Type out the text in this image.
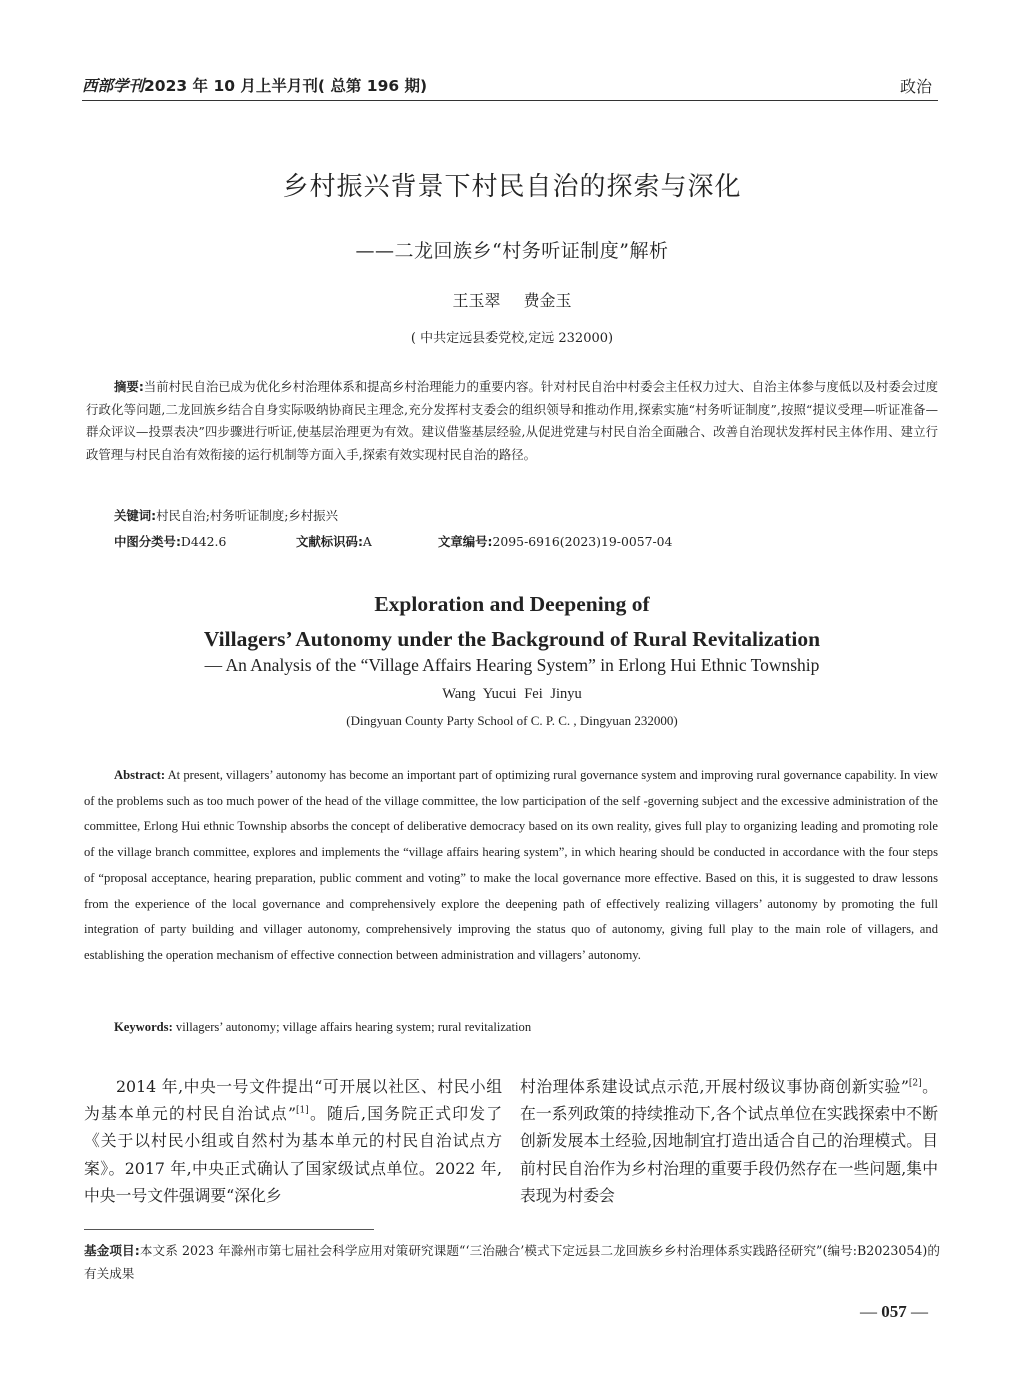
西部学刊2023 年 10 月上半月刊( 总第 196 期)	政治
乡村振兴背景下村民自治的探索与深化
——二龙回族乡“村务听证制度”解析
王玉翠 费金玉
( 中共定远县委党校,定远 232000)

摘要:当前村民自治已成为优化乡村治理体系和提高乡村治理能力的重要内容。针对村民自治中村委会主任权力过大、自治主体参与度低以及村委会过度行政化等问题,二龙回族乡结合自身实际吸纳协商民主理念,充分发挥村支委会的组织领导和推动作用,探索实施“村务听证制度”,按照“提议受理—听证准备—群众评议—投票表决”四步骤进行听证,使基层治理更为有效。建议借鉴基层经验,从促进党建与村民自治全面融合、改善自治现状发挥村民主体作用、建立行政管理与村民自治有效衔接的运行机制等方面入手,探索有效实现村民自治的路径。

关键词:村民自治;村务听证制度;乡村振兴
中图分类号:D442.6	文献标识码:A	文章编号:2095-6916(2023)19-0057-04
Exploration and Deepening of
Villagers’ Autonomy under the Background of Rural Revitalization
— An Analysis of the “Village Affairs Hearing System” in Erlong Hui Ethnic Township
Wang Yucui Fei Jinyu
(Dingyuan County Party School of C. P. C. , Dingyuan 232000)

Abstract: At present, villagers’ autonomy has become an important part of optimizing rural governance system and improving rural governance capability. In view of the problems such as too much power of the head of the village committee, the low participation of the self -governing subject and the excessive administration of the committee, Erlong Hui ethnic Township absorbs the concept of deliberative democracy based on its own reality, gives full play to organizing leading and promoting role of the village branch committee, explores and implements the “village affairs hearing system”, in which hearing should be conducted in accordance with the four steps of “proposal acceptance, hearing preparation, public comment and voting” to make the local governance more effective. Based on this, it is suggested to draw lessons from the experience of the local governance and comprehensively explore the deepening path of effectively realizing villagers’ autonomy by promoting the full integration of party building and villager autonomy, comprehensively improving the status quo of autonomy, giving full play to the main role of villagers, and establishing the operation mechanism of effective connection between administration and villagers’ autonomy.

Keywords: villagers’ autonomy; village affairs hearing system; rural revitalization

2014 年,中央一号文件提出“可开展以社区、村民小组为基本单元的村民自治试点”[1]。随后,国务院正式印发了《关于以村民小组或自然村为基本单元的村民自治试点方案》。2017 年,中央正式确认了国家级试点单位。2022 年,中央一号文件强调要“深化乡

村治理体系建设试点示范,开展村级议事协商创新实验”[2]。在一系列政策的持续推动下,各个试点单位在实践探索中不断创新发展本土经验,因地制宜打造出适合自己的治理模式。目前村民自治作为乡村治理的重要手段仍然存在一些问题,集中表现为村委会

基金项目:本文系 2023 年滁州市第七届社会科学应用对策研究课题“‘三治融合’模式下定远县二龙回族乡乡村治理体系实践路径研究”(编号:B2023054)的有关成果
— 057 —
